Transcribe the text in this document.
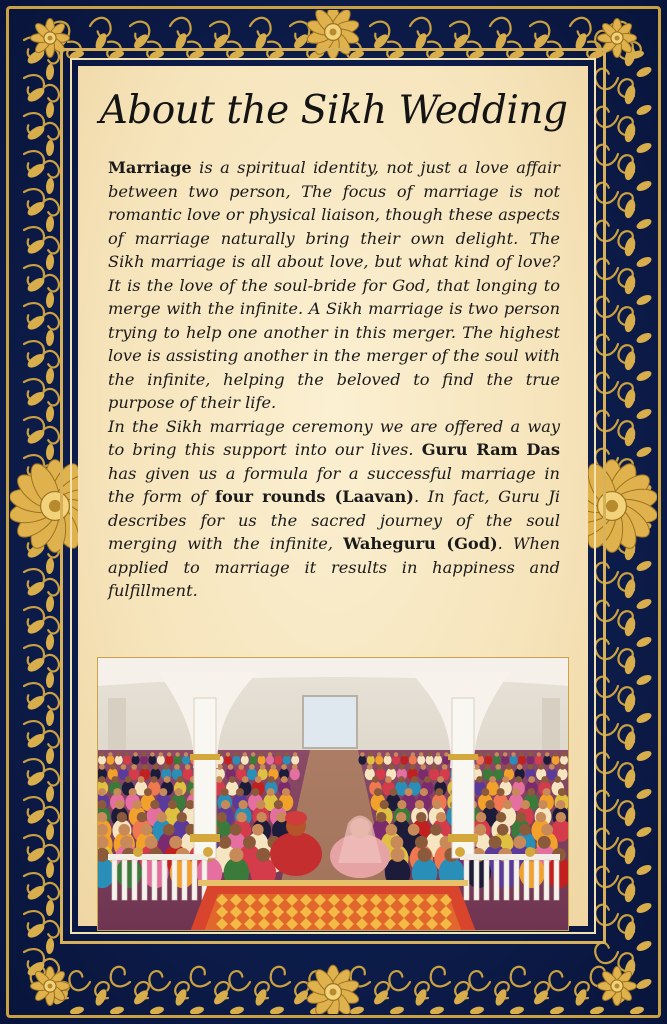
About the Sikh Wedding

Marriage is a spiritual identity, not just a love affair between two person, The focus of marriage is not romantic love or physical liaison, though these aspects of marriage naturally bring their own delight. The Sikh marriage is all about love, but what kind of love? It is the love of the soul-bride for God, that longing to merge with the infinite. A Sikh marriage is two person trying to help one another in this merger. The highest love is assisting another in the merger of the soul with the infinite, helping the beloved to find the true purpose of their life.

In the Sikh marriage ceremony we are offered a way to bring this support into our lives. Guru Ram Das has given us a formula for a successful marriage in the form of four rounds (Laavan). In fact, Guru Ji describes for us the sacred journey of the soul merging with the infinite, Waheguru (God). When applied to marriage it results in happiness and fulfillment.
